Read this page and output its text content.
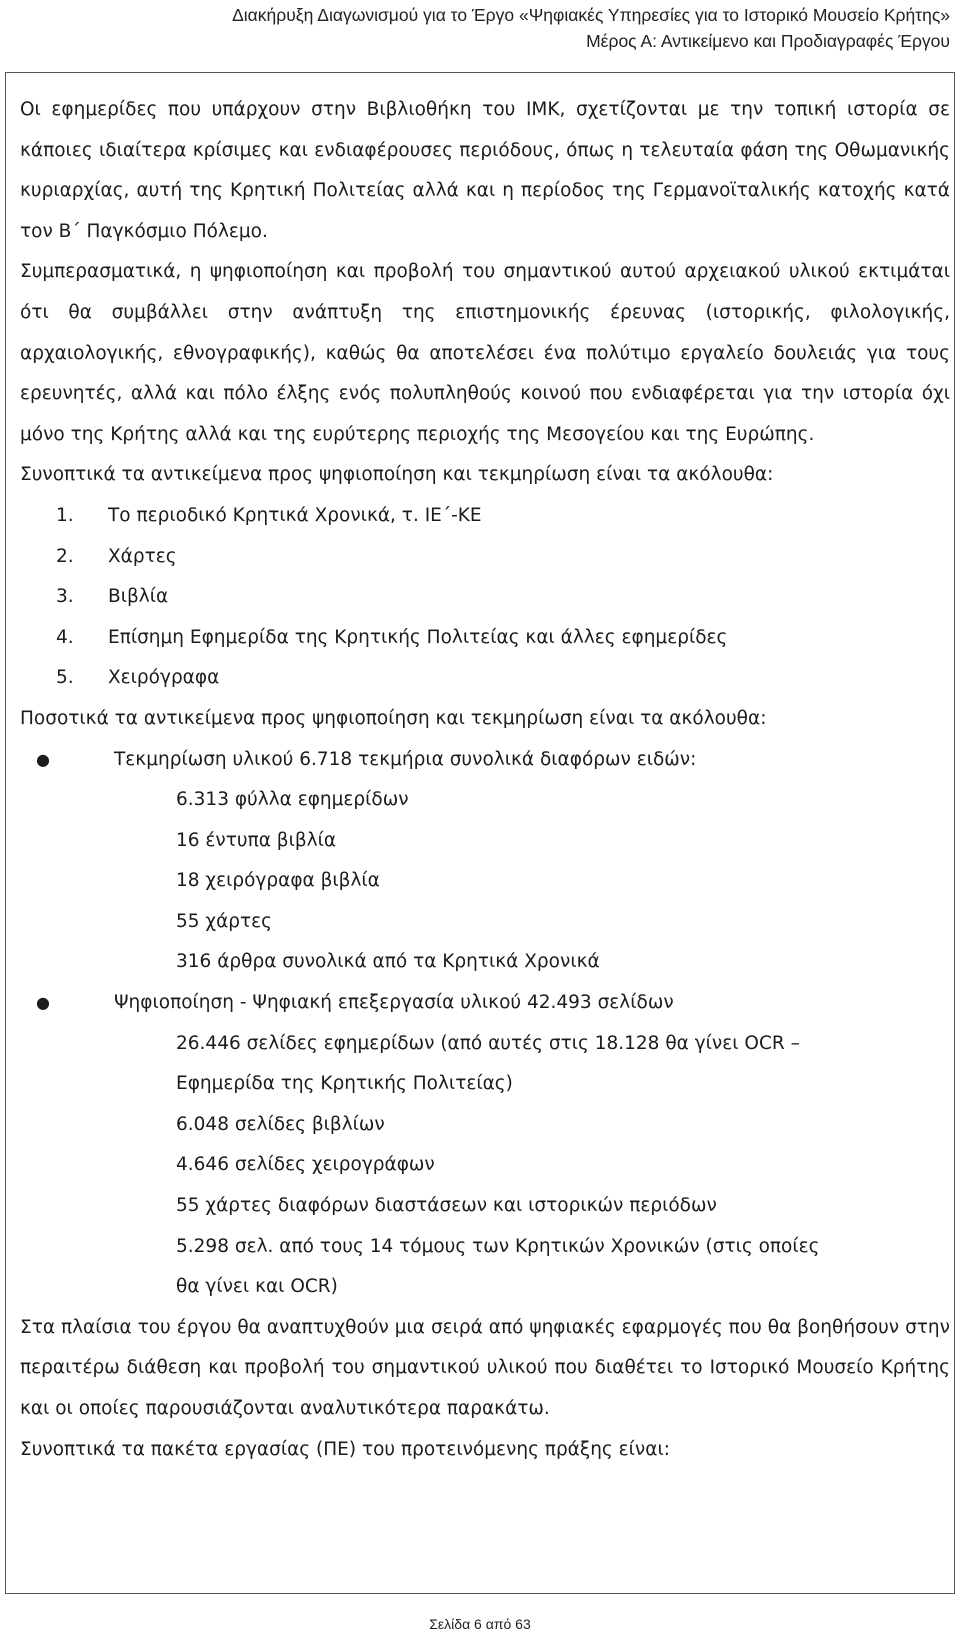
Διακήρυξη Διαγωνισμού για το Έργο «Ψηφιακές Υπηρεσίες για το Ιστορικό Μουσείο Κρήτης»
Μέρος Α: Αντικείμενο και Προδιαγραφές Έργου

Οι εφημερίδες που υπάρχουν στην Βιβλιοθήκη του ΙΜΚ, σχετίζονται με την τοπική ιστορία σε κάποιες ιδιαίτερα κρίσιμες και ενδιαφέρουσες περιόδους, όπως η τελευταία φάση της Οθωμανικής κυριαρχίας, αυτή της Κρητική Πολιτείας αλλά και η περίοδος της Γερμανοϊταλικής κατοχής κατά τον Β΄ Παγκόσμιο Πόλεμο.

Συμπερασματικά, η ψηφιοποίηση και προβολή του σημαντικού αυτού αρχειακού υλικού εκτιμάται ότι θα συμβάλλει στην ανάπτυξη της επιστημονικής έρευνας (ιστορικής, φιλολογικής, αρχαιολογικής, εθνογραφικής), καθώς θα αποτελέσει ένα πολύτιμο εργαλείο δουλειάς για τους ερευνητές, αλλά και πόλο έλξης ενός πολυπληθούς κοινού που ενδιαφέρεται για την ιστορία όχι μόνο της Κρήτης αλλά και της ευρύτερης περιοχής της Μεσογείου και της Ευρώπης.

Συνοπτικά τα αντικείμενα προς ψηφιοποίηση και τεκμηρίωση είναι τα ακόλουθα:

1.	Το περιοδικό Κρητικά Χρονικά, τ. ΙΕ΄-ΚΕ
2.	Χάρτες
3.	Βιβλία
4.	Επίσημη Εφημερίδα της Κρητικής Πολιτείας και άλλες εφημερίδες
5.	Χειρόγραφα

Ποσοτικά τα αντικείμενα προς ψηφιοποίηση και τεκμηρίωση είναι τα ακόλουθα:

●	Τεκμηρίωση υλικού 6.718 τεκμήρια συνολικά διαφόρων ειδών:
6.313 φύλλα εφημερίδων
16 έντυπα βιβλία
18 χειρόγραφα βιβλία
55 χάρτες
316 άρθρα συνολικά από τα Κρητικά Χρονικά
●	Ψηφιοποίηση - Ψηφιακή επεξεργασία υλικού 42.493 σελίδων
26.446 σελίδες εφημερίδων (από αυτές στις 18.128 θα γίνει OCR –
Εφημερίδα της Κρητικής Πολιτείας)
6.048 σελίδες βιβλίων
4.646 σελίδες χειρογράφων
55 χάρτες διαφόρων διαστάσεων και ιστορικών περιόδων
5.298 σελ. από τους 14 τόμους των Κρητικών Χρονικών (στις οποίες
θα γίνει και OCR)

Στα πλαίσια του έργου θα αναπτυχθούν μια σειρά από ψηφιακές εφαρμογές που θα βοηθήσουν στην περαιτέρω διάθεση και προβολή του σημαντικού υλικού που διαθέτει το Ιστορικό Μουσείο Κρήτης και οι οποίες παρουσιάζονται αναλυτικότερα παρακάτω.

Συνοπτικά τα πακέτα εργασίας (ΠΕ) του προτεινόμενης πράξης είναι:

Σελίδα 6 από 63
